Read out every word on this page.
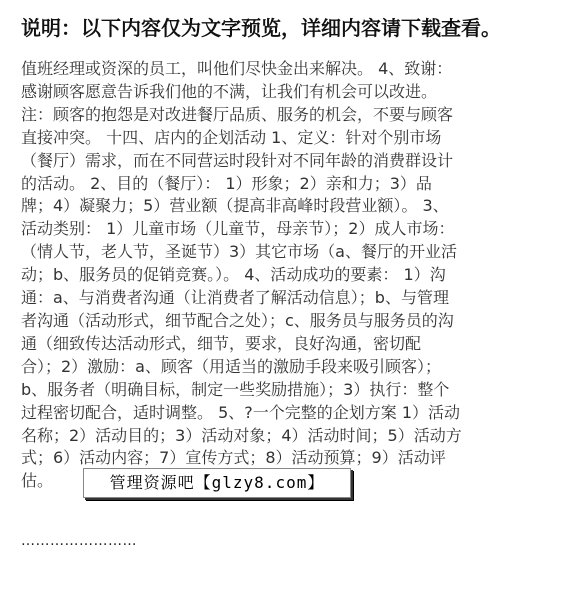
说明：以下内容仅为文字预览，详细内容请下载查看。
值班经理或资深的员工，叫他们尽快金出来解决。 4、致谢：
感谢顾客愿意告诉我们他的不满，让我们有机会可以改进。
注：顾客的抱怨是对改进餐厅品质、服务的机会，不要与顾客
直接冲突。 十四、店内的企划活动 1、定义：针对个别市场
（餐厅）需求，而在不同营运时段针对不同年龄的消费群设计
的活动。 2、目的（餐厅）： 1）形象；2）亲和力；3）品
牌；4）凝聚力；5）营业额（提高非高峰时段营业额）。 3、
活动类别： 1）儿童市场（儿童节，母亲节）；2）成人市场：
（情人节，老人节，圣诞节）3）其它市场（a、餐厅的开业活
动；b、服务员的促销竞赛。）。 4、活动成功的要素： 1）沟
通：a、与消费者沟通（让消费者了解活动信息）；b、与管理
者沟通（活动形式，细节配合之处）；c、服务员与服务员的沟
通（细致传达活动形式，细节，要求，良好沟通，密切配
合）；2）激励：a、顾客（用适当的激励手段来吸引顾客）；
b、服务者（明确目标，制定一些奖励措施）；3）执行：整个
过程密切配合，适时调整。 5、?一个完整的企划方案 1）活动
名称；2）活动目的；3）活动对象；4）活动时间；5）活动方
式；6）活动内容；7）宣传方式；8）活动预算；9）活动评
估。	管理资源吧【glzy8.com】
……………………
